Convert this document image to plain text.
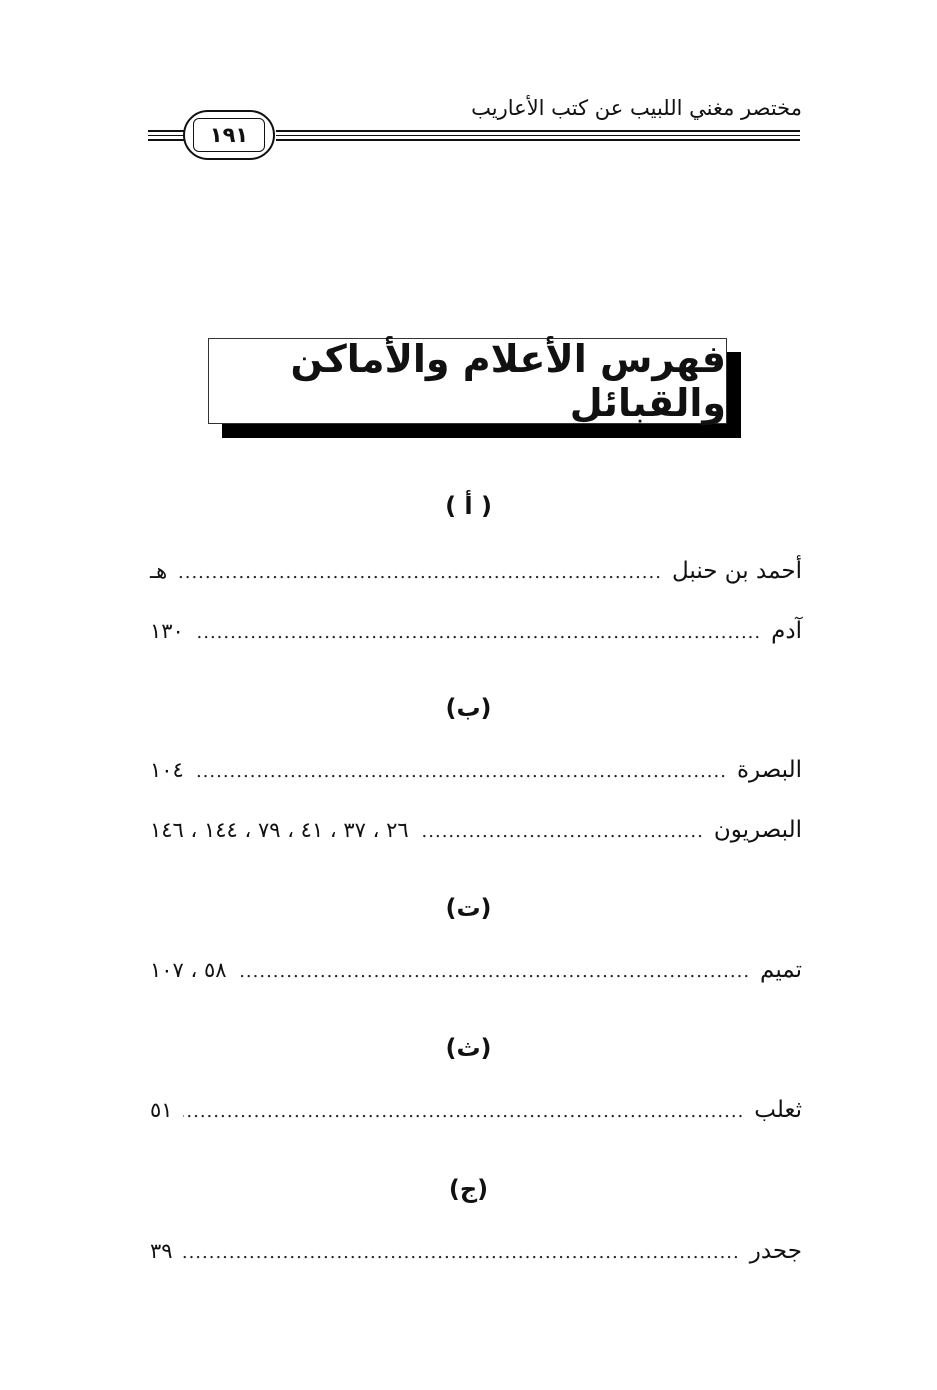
مختصر مغني اللبيب عن كتب الأعاريب
١٩١
فهرس الأعلام والأماكن والقبائل
( أ )
أحمد بن حنبل
.....
هـ
آدم
.....
١٣٠
(ب)
البصرة
.....
١٠٤
البصريون
.....
٢٦ ، ٣٧ ، ٤١ ، ٧٩ ، ١٤٤ ، ١٤٦
(ت)
تميم
.....
٥٨ ، ١٠٧
(ث)
ثعلب
.....
٥١
(ج)
جحدر
.....
٣٩
